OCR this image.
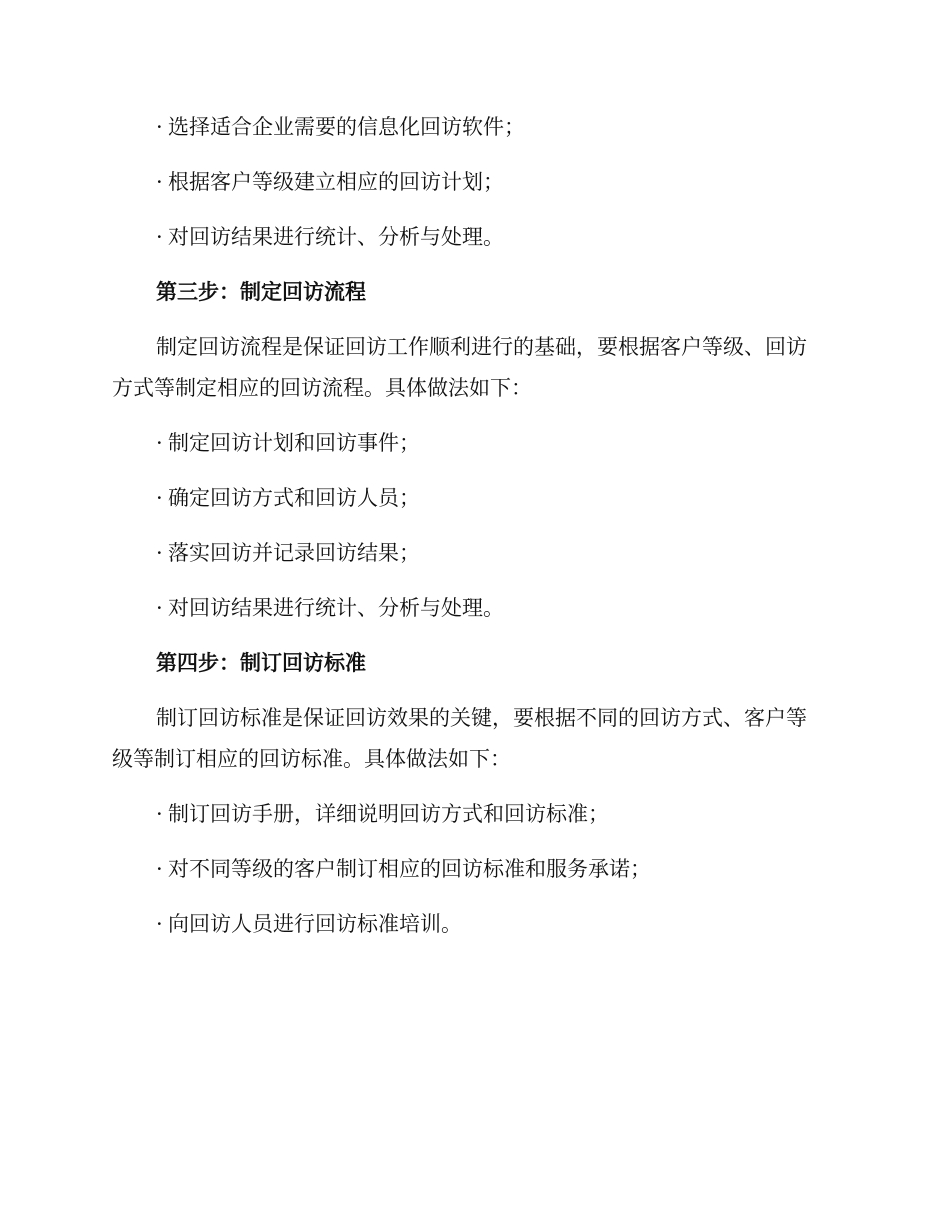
· 选择适合企业需要的信息化回访软件；
· 根据客户等级建立相应的回访计划；
· 对回访结果进行统计、分析与处理。
第三步：制定回访流程
制定回访流程是保证回访工作顺利进行的基础，要根据客户等级、回访
方式等制定相应的回访流程。具体做法如下：
· 制定回访计划和回访事件；
· 确定回访方式和回访人员；
· 落实回访并记录回访结果；
· 对回访结果进行统计、分析与处理。
第四步：制订回访标准
制订回访标准是保证回访效果的关键，要根据不同的回访方式、客户等
级等制订相应的回访标准。具体做法如下：
· 制订回访手册，详细说明回访方式和回访标准；
· 对不同等级的客户制订相应的回访标准和服务承诺；
· 向回访人员进行回访标准培训。
